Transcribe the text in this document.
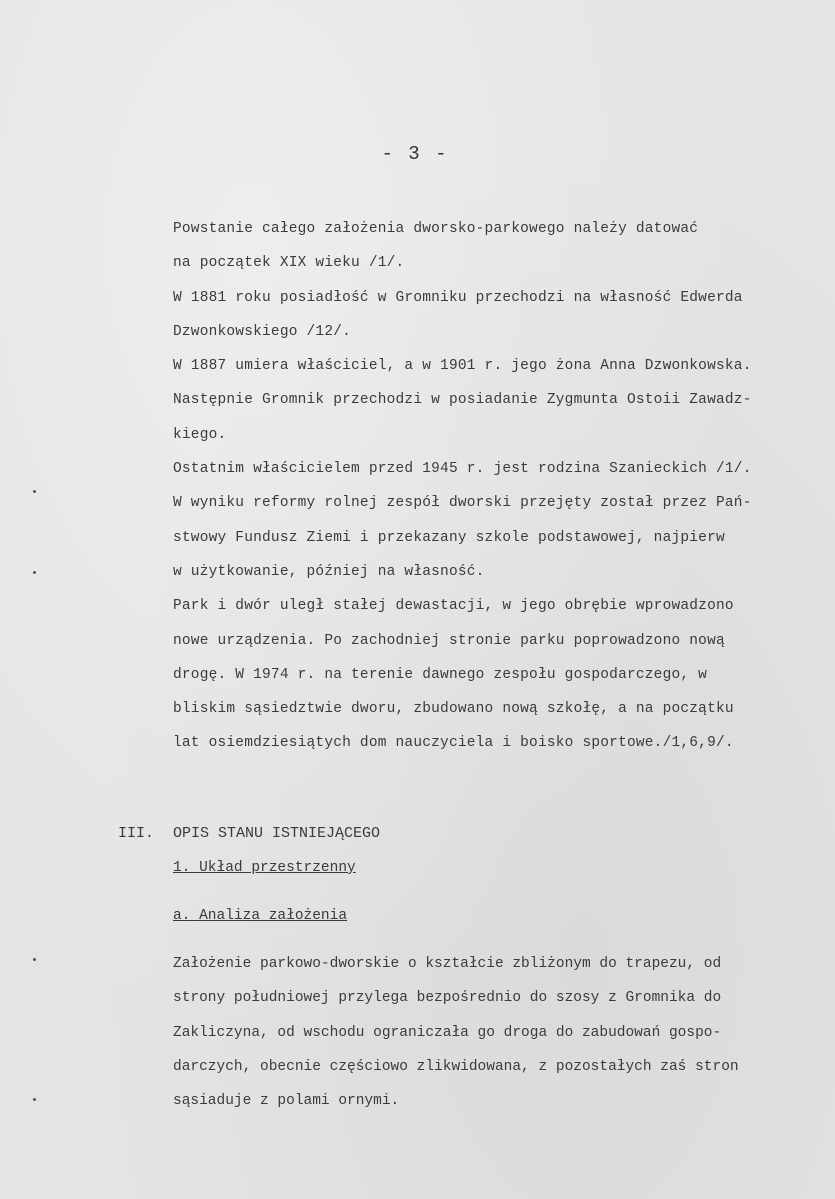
- 3 -
Powstanie całego założenia dworsko-parkowego należy datować
na początek XIX wieku /1/.
W 1881 roku posiadłość w Gromniku przechodzi na własność Edwerda
Dzwonkowskiego /12/.
W 1887 umiera właściciel, a w 1901 r. jego żona Anna Dzwonkowska.
Następnie Gromnik przechodzi w posiadanie Zygmunta Ostoii Zawadz-
kiego.
Ostatnim właścicielem przed 1945 r. jest rodzina Szanieckich /1/.
W wyniku reformy rolnej zespół dworski przejęty został przez Pań-
stwowy Fundusz Ziemi i przekazany szkole podstawowej, najpierw
w użytkowanie, później na własność.
Park i dwór uległ stałej dewastacji, w jego obrębie wprowadzono
nowe urządzenia. Po zachodniej stronie parku poprowadzono nową
drogę. W 1974 r. na terenie dawnego zespołu gospodarczego, w
bliskim sąsiedztwie dworu, zbudowano nową szkołę, a na początku
lat osiemdziesiątych dom nauczyciela i boisko sportowe./1,6,9/.
III. OPIS STANU ISTNIEJĄCEGO
1. Układ przestrzenny
a. Analiza założenia
Założenie parkowo-dworskie o kształcie zbliżonym do trapezu, od
strony południowej przylega bezpośrednio do szosy z Gromnika do
Zakliczyna, od wschodu ograniczała go droga do zabudowań gospo-
darczych, obecnie częściowo zlikwidowana, z pozostałych zaś stron
sąsiaduje z polami ornymi.
